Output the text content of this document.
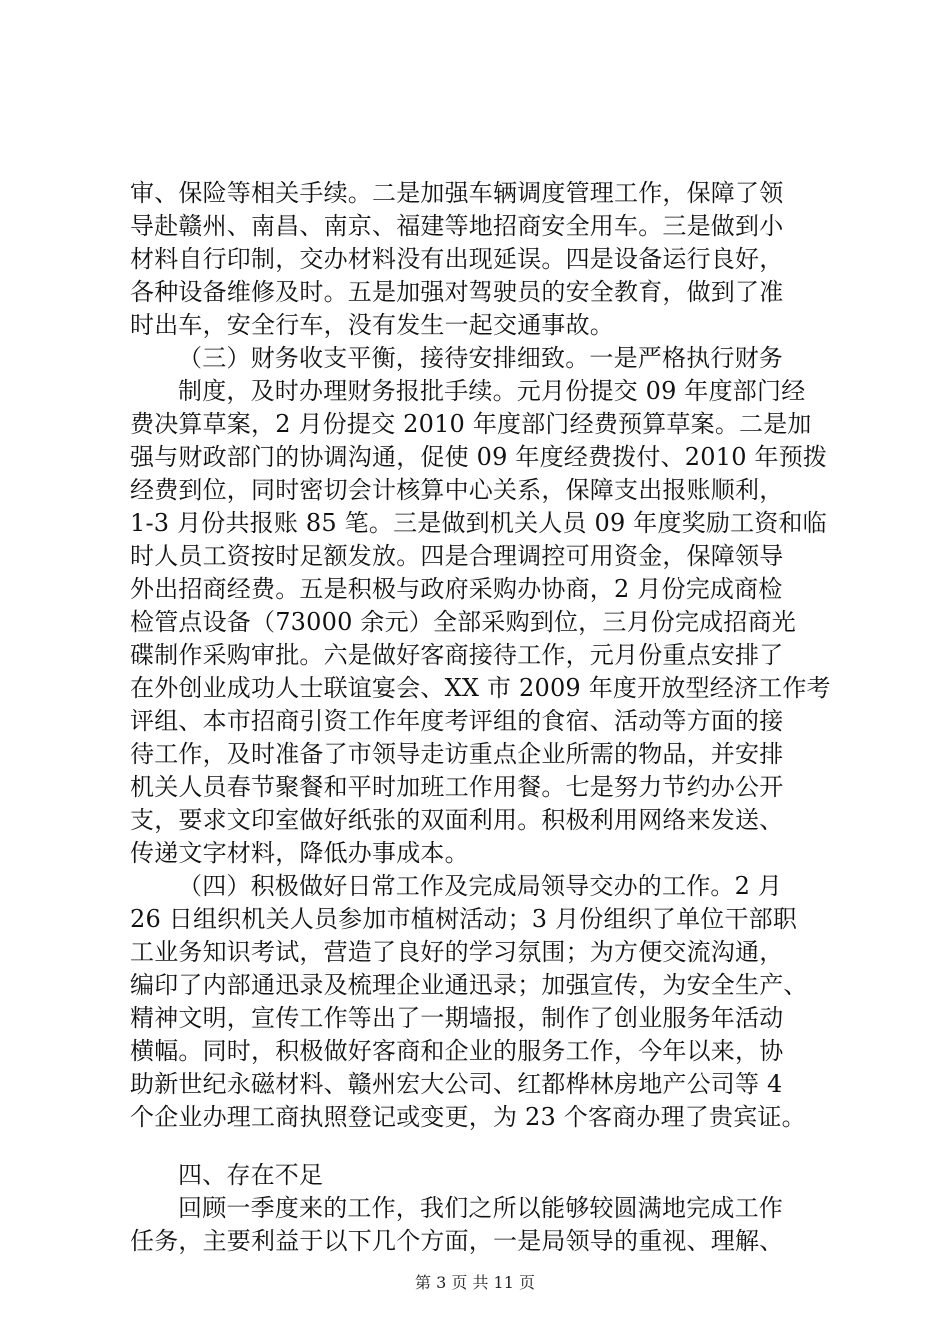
审、保险等相关手续。二是加强车辆调度管理工作，保障了领
导赴赣州、南昌、南京、福建等地招商安全用车。三是做到小
材料自行印制，交办材料没有出现延误。四是设备运行良好，
各种设备维修及时。五是加强对驾驶员的安全教育，做到了准
时出车，安全行车，没有发生一起交通事故。
（三）财务收支平衡，接待安排细致。一是严格执行财务
制度，及时办理财务报批手续。元月份提交 09 年度部门经
费决算草案，2 月份提交 2010 年度部门经费预算草案。二是加
强与财政部门的协调沟通，促使 09 年度经费拨付、2010 年预拨
经费到位，同时密切会计核算中心关系，保障支出报账顺利，
1-3 月份共报账 85 笔。三是做到机关人员 09 年度奖励工资和临
时人员工资按时足额发放。四是合理调控可用资金，保障领导
外出招商经费。五是积极与政府采购办协商，2 月份完成商检
检管点设备（73000 余元）全部采购到位，三月份完成招商光
碟制作采购审批。六是做好客商接待工作，元月份重点安排了
在外创业成功人士联谊宴会、XX 市 2009 年度开放型经济工作考
评组、本市招商引资工作年度考评组的食宿、活动等方面的接
待工作，及时准备了市领导走访重点企业所需的物品，并安排
机关人员春节聚餐和平时加班工作用餐。七是努力节约办公开
支，要求文印室做好纸张的双面利用。积极利用网络来发送、
传递文字材料，降低办事成本。
（四）积极做好日常工作及完成局领导交办的工作。2 月
26 日组织机关人员参加市植树活动；3 月份组织了单位干部职
工业务知识考试，营造了良好的学习氛围；为方便交流沟通，
编印了内部通迅录及梳理企业通迅录；加强宣传，为安全生产、
精神文明，宣传工作等出了一期墙报，制作了创业服务年活动
横幅。同时，积极做好客商和企业的服务工作，今年以来，协
助新世纪永磁材料、赣州宏大公司、红都桦林房地产公司等 4
个企业办理工商执照登记或变更，为 23 个客商办理了贵宾证。
四、存在不足
回顾一季度来的工作，我们之所以能够较圆满地完成工作
任务，主要利益于以下几个方面，一是局领导的重视、理解、
第 3 页 共 11 页
